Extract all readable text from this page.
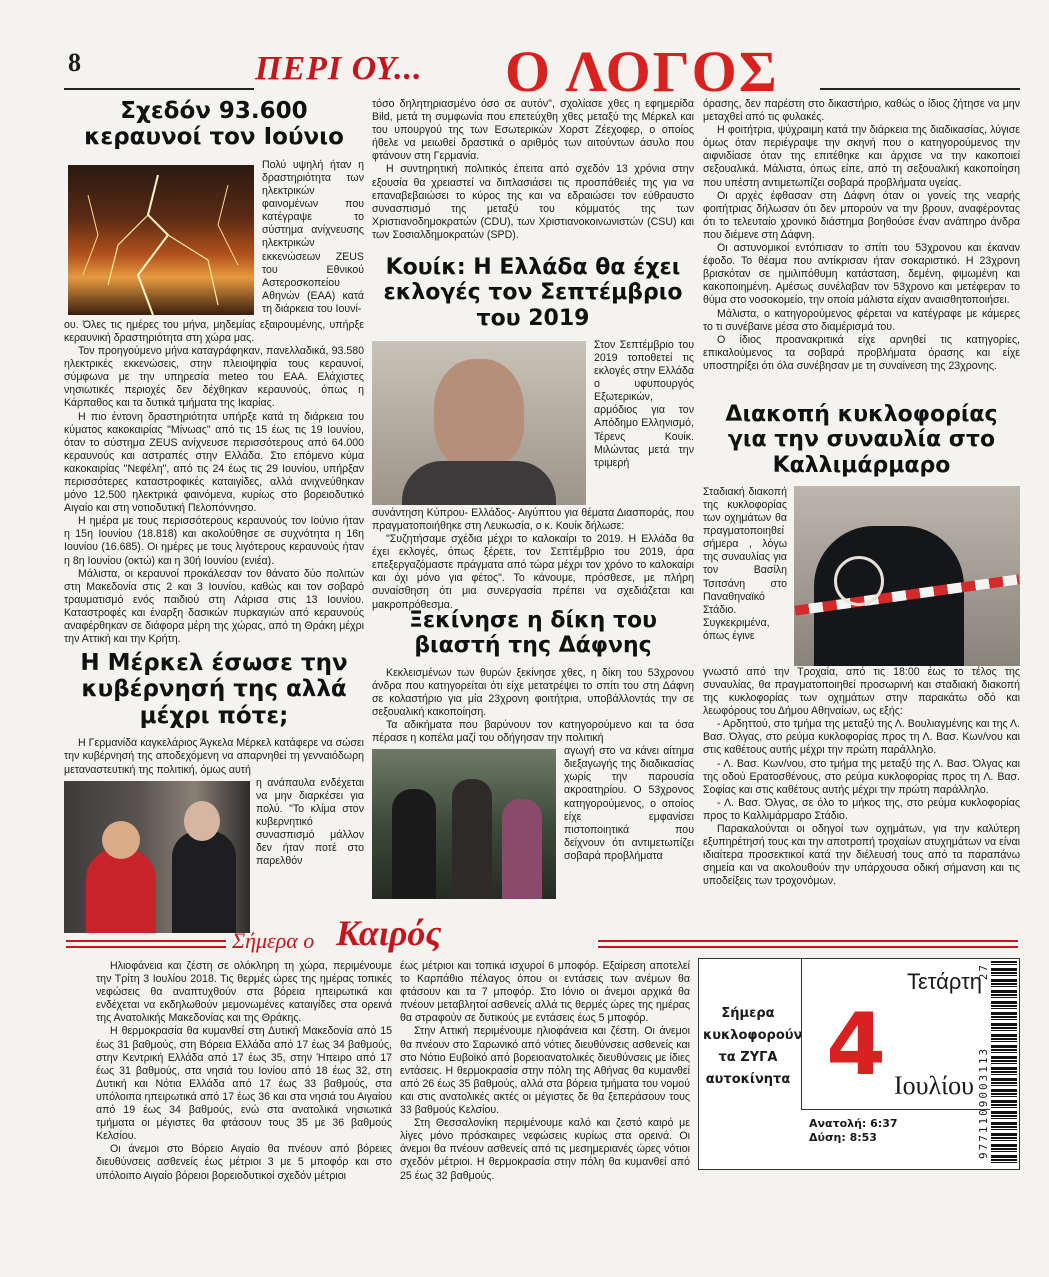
8	ΠΕΡΙ ΟΥ... Ο ΛΟΓΟΣ
Σχεδόν 93.600 κεραυνοί τον Ιούνιο
Πολύ υψηλή ήταν η δραστηριότητα των ηλεκτρικών φαινομένων που κατέγραψε το σύστημα ανίχνευσης ηλεκτρικών εκκενώσεων ZEUS του Εθνικού Αστεροσκοπείου Αθηνών (ΕΑΑ) κατά τη διάρκεια του Ιουνί-

ου. Όλες τις ημέρες του μήνα, μηδεμίας εξαιρουμένης, υπήρξε κεραυνική δραστηριότητα στη χώρα μας.

Τον προηγούμενο μήνα καταγράφηκαν, πανελλαδικά, 93.580 ηλεκτρικές εκκενώσεις, στην πλειοψηφία τους κεραυνοί, σύμφωνα με την υπηρεσία meteo του ΕΑΑ. Ελάχιστες νησιωτικές περιοχές δεν δέχθηκαν κεραυνούς, όπως η Κάρπαθος και τα δυτικά τμήματα της Ικαρίας.

Η πιο έντονη δραστηριότητα υπήρξε κατά τη διάρκεια του κύματος κακοκαιρίας "Μίνωας" από τις 15 έως τις 19 Ιουνίου, όταν το σύστημα ZEUS ανίχνευσε περισσότερους από 64.000 κεραυνούς και αστραπές στην Ελλάδα. Στο επόμενο κύμα κακοκαιρίας "Νεφέλη", από τις 24 έως τις 29 Ιουνίου, υπήρξαν περισσότερες καταστροφικές καταιγίδες, αλλά ανιχνεύθηκαν μόνο 12.500 ηλεκτρικά φαινόμενα, κυρίως στο βορειοδυτικό Αιγαίο και στη νοτιοδυτική Πελοπόννησο.

Η ημέρα με τους περισσότερους κεραυνούς τον Ιούνιο ήταν η 15η Ιουνίου (18.818) και ακολούθησε σε συχνότητα η 16η Ιουνίου (16.685). Οι ημέρες με τους λιγότερους κεραυνούς ήταν η 8η Ιουνίου (οκτώ) και η 30ή Ιουνίου (ενιέα).

Μάλιστα, οι κεραυνοί προκάλεσαν τον θάνατο δύο πολιτών στη Μακεδονία στις 2 και 3 Ιουνίου, καθώς και τον σοβαρό τραυματισμό ενός παιδιού στη Λάρισα στις 13 Ιουνίου. Καταστροφές και έναρξη δασικών πυρκαγιών από κεραυνούς αναφέρθηκαν σε διάφορα μέρη της χώρας, από τη Θράκη μέχρι την Αττική και την Κρήτη.

Η Μέρκελ έσωσε την κυβέρνησή της αλλά μέχρι πότε;

Η Γερμανίδα καγκελάριος Άγκελα Μέρκελ κατάφερε να σώσει την κυβέρνησή της αποδεχόμενη να απαρνηθεί τη γενναιόδωρη μεταναστευτική της πολιτική, όμως αυτή

η ανάπαυλα ενδέχεται να μην διαρκέσει για πολύ. "Το κλίμα στον κυβερνητικό συνασπισμό μάλλον δεν ήταν ποτέ στο παρελθόν

τόσο δηλητηριασμένο όσο σε αυτόν", σχολίασε χθες η εφημερίδα Bild, μετά τη συμφωνία που επετεύχθη χθες μεταξύ της Μέρκελ και του υπουργού της των Εσωτερικών Χορστ Ζέεχοφερ, ο οποίος ήθελε να μειωθεί δραστικά ο αριθμός των αιτούντων άσυλο που φτάνουν στη Γερμανία.

Η συντηρητική πολιτικός έπειτα από σχεδόν 13 χρόνια στην εξουσία θα χρειαστεί να διπλασιάσει τις προσπάθειές της για να επαναβεβαιώσει το κύρος της και να εδραιώσει τον εύθραυστο συνασπισμό της μεταξύ του κόμματός της των Χριστιανοδημοκρατών (CDU), των Χριστιανοκοινωνιστών (CSU) και των Σοσιαλδημοκρατών (SPD).

Κουίκ: Η Ελλάδα θα έχει εκλογές τον Σεπτέμβριο του 2019
Στον Σεπτέμβριο του 2019 τοποθετεί τις εκλογές στην Ελλάδα ο υφυπουργός Εξωτερικών, αρμόδιος για τον Απόδημο Ελληνισμό, Τέρενς Κουίκ. Μιλώντας μετά την τριμερή

συνάντηση Κύπρου- Ελλάδος- Αιγύπτου για θέματα Διασποράς, που πραγματοποιήθηκε στη Λευκωσία, ο κ. Κουίκ δήλωσε:

"Συζητήσαμε σχέδια μέχρι το καλοκαίρι το 2019. Η Ελλάδα θα έχει εκλογές, όπως ξέρετε, τον Σεπτέμβριο του 2019, άρα επεξεργαζόμαστε πράγματα από τώρα μέχρι τον χρόνο το καλοκαίρι και όχι μόνο για φέτος". Το κάνουμε, πρόσθεσε, με πλήρη συναίσθηση ότι μια συνεργασία πρέπει να σχεδιάζεται και μακροπρόθεσμα.

Ξεκίνησε η δίκη του βιαστή της Δάφνης

Κεκλεισμένων των θυρών ξεκίνησε χθες, η δίκη του 53χρονου άνδρα που κατηγορείται ότι είχε μετατρέψει το σπίτι του στη Δάφνη σε κολαστήριο για μία 23χρονη φοιτήτρια, υποβάλλοντάς την σε σεξουαλική κακοποίηση.

Τα αδικήματα που βαρύνουν τον κατηγορούμενο και τα όσα πέρασε η κοπέλα μαζί του οδήγησαν την πολιτική

αγωγή στο να κάνει αίτημα διεξαγωγής της διαδικασίας χωρίς την παρουσία ακροατηρίου. Ο 53χρονος κατηγορούμενος, ο οποίος είχε εμφανίσει πιστοποιητικά που δείχνουν ότι αντιμετωπίζει σοβαρά προβλήματα

όρασης, δεν παρέστη στο δικαστήριο, καθώς ο ίδιος ζήτησε να μην μεταχθεί από τις φυλακές.

Η φοιτήτρια, ψύχραιμη κατά την διάρκεια της διαδικασίας, λύγισε όμως όταν περιέγραψε την σκηνή που ο κατηγορούμενος την αιφνιδίασε όταν της επιτέθηκε και άρχισε να την κακοποιεί σεξουαλικά. Μάλιστα, όπως είπε, από τη σεξουαλική κακοποίηση που υπέστη αντιμετωπίζει σοβαρά προβλήματα υγείας.

Οι αρχές έφθασαν στη Δάφνη όταν οι γονείς της νεαρής φοιτήτριας δήλωσαν ότι δεν μπορούν να την βρουν, αναφέροντας ότι το τελευταίο χρονικό διάστημα βοηθούσε έναν ανάπηρο άνδρα που διέμενε στη Δάφνη.

Οι αστυνομικοί εντόπισαν το σπίτι του 53χρονου και έκαναν έφοδο. Το θέαμα που αντίκρισαν ήταν σοκαριστικό. Η 23χρονη βρισκόταν σε ημιλιπόθυμη κατάσταση, δεμένη, φιμωμένη και κακοποιημένη. Αμέσως συνέλαβαν τον 53χρονο και μετέφεραν το θύμα στο νοσοκομείο, την οποία μάλιστα είχαν αναισθητοποιήσει.

Μάλιστα, ο κατηγορούμενος φέρεται να κατέγραφε με κάμερες το τι συνέβαινε μέσα στο διαμέρισμά του.

Ο ίδιος προανακριτικά είχε αρνηθεί τις κατηγορίες, επικαλούμενος τα σοβαρά προβλήματα όρασης και είχε υποστηρίξει ότι όλα συνέβησαν με τη συναίνεση της 23χρονης.

Διακοπή κυκλοφορίας για την συναυλία στο Καλλιμάρμαρο
Σταδιακή διακοπή της κυκλοφορίας των οχημάτων θα πραγματοποιηθεί σήμερα , λόγω της συναυλίας για τον Βασίλη Τσιτσάνη στο Παναθηναϊκό Στάδιο. Συγκεκριμένα, όπως έγινε

γνωστό από την Τροχαία, από τις 18:00 έως το τέλος της συναυλίας, θα πραγματοποιηθεί προσωρινή και σταδιακή διακοπή της κυκλοφορίας των οχημάτων στην παρακάτω οδό και λεωφόρους του Δήμου Αθηναίων, ως εξής:

- Αρδηττού, στο τμήμα της μεταξύ της Λ. Βουλιαγμένης και της Λ. Βασ. Όλγας, στο ρεύμα κυκλοφορίας προς τη Λ. Βασ. Κων/νου και στις καθέτους αυτής μέχρι την πρώτη παράλληλο.

- Λ. Βασ. Κων/νου, στο τμήμα της μεταξύ της Λ. Βασ. Όλγας και της οδού Ερατοσθένους, στο ρεύμα κυκλοφορίας προς τη Λ. Βασ. Σοφίας και στις καθέτους αυτής μέχρι την πρώτη παράλληλο.

- Λ. Βασ. Όλγας, σε όλο το μήκος της, στο ρεύμα κυκλοφορίας προς το Καλλιμάρμαρο Στάδιο.

Παρακαλούνται οι οδηγοί των οχημάτων, για την καλύτερη εξυπηρέτησή τους και την αποτροπή τροχαίων ατυχημάτων να είναι ιδιαίτερα προσεκτικοί κατά την διέλευσή τους από τα παραπάνω σημεία και να ακολουθούν την υπάρχουσα οδική σήμανση και τις υποδείξεις των τροχονόμων.

Σήμερα ο Καιρός

Ηλιοφάνεια και ζέστη σε ολόκληρη τη χώρα, περιμένουμε την Τρίτη 3 Ιουλίου 2018. Τις θερμές ώρες της ημέρας τοπικές νεφώσεις θα αναπτυχθούν στα βόρεια ηπειρωτικά και ενδέχεται να εκδηλωθούν μεμονωμένες καταιγίδες στα ορεινά της Ανατολικής Μακεδονίας και της Θράκης.

Η θερμοκρασία θα κυμανθεί στη Δυτική Μακεδονία από 15 έως 31 βαθμούς, στη Βόρεια Ελλάδα από 17 έως 34 βαθμούς, στην Κεντρική Ελλάδα από 17 έως 35, στην Ήπειρο από 17 έως 31 βαθμούς, στα νησιά του Ιονίου από 18 έως 32, στη Δυτική και Νότια Ελλάδα από 17 έως 33 βαθμούς, στα υπόλοιπα ηπειρωτικά από 17 έως 36 και στα νησιά του Αιγαίου από 19 έως 34 βαθμούς, ενώ στα ανατολικά νησιωτικά τμήματα οι μέγιστες θα φτάσουν τους 35 με 36 βαθμούς Κελσίου.

Οι άνεμοι στο Βόρειο Αιγαίο θα πνέουν από βόρειες διευθύνσεις ασθενείς έως μέτριοι 3 με 5 μποφόρ και στο υπόλοιπο Αιγαίο βόρειοι βορειοδυτικοί σχεδόν μέτριοι

έως μέτριοι και τοπικά ισχυροί 6 μποφόρ. Εξαίρεση αποτελεί το Καρπάθιο πέλαγος όπου οι εντάσεις των ανέμων θα φτάσουν και τα 7 μποφόρ. Στο Ιόνιο οι άνεμοι αρχικά θα πνέουν μεταβλητοί ασθενείς αλλά τις θερμές ώρες της ημέρας θα στραφούν σε δυτικούς με εντάσεις έως 5 μποφόρ.

Στην Αττική περιμένουμε ηλιοφάνεια και ζέστη. Οι άνεμοι θα πνέουν στο Σαρωνικό από νότιες διευθύνσεις ασθενείς και στο Νότιο Ευβοϊκό από βορειοανατολικές διευθύνσεις με ίδιες εντάσεις. Η θερμοκρασία στην πόλη της Αθήνας θα κυμανθεί από 26 έως 35 βαθμούς, αλλά στα βόρεια τμήματα του νομού και στις ανατολικές ακτές οι μέγιστες δε θα ξεπεράσουν τους 33 βαθμούς Κελσίου.

Στη Θεσσαλονίκη περιμένουμε καλό και ζεστό καιρό με λίγες μόνο πρόσκαιρες νεφώσεις κυρίως στα ορεινά. Οι άνεμοι θα πνέουν ασθενείς από τις μεσημεριανές ώρες νότιοι σχεδόν μέτριοι. Η θερμοκρασία στην πόλη θα κυμανθεί από 25 έως 32 βαθμούς.

Σήμερα κυκλοφορούν τα ΖΥΓΑ αυτοκίνητα
Τετάρτη
4 Ιουλίου
Ανατολή: 6:37
Δύση: 8:53	9771109003113
27
